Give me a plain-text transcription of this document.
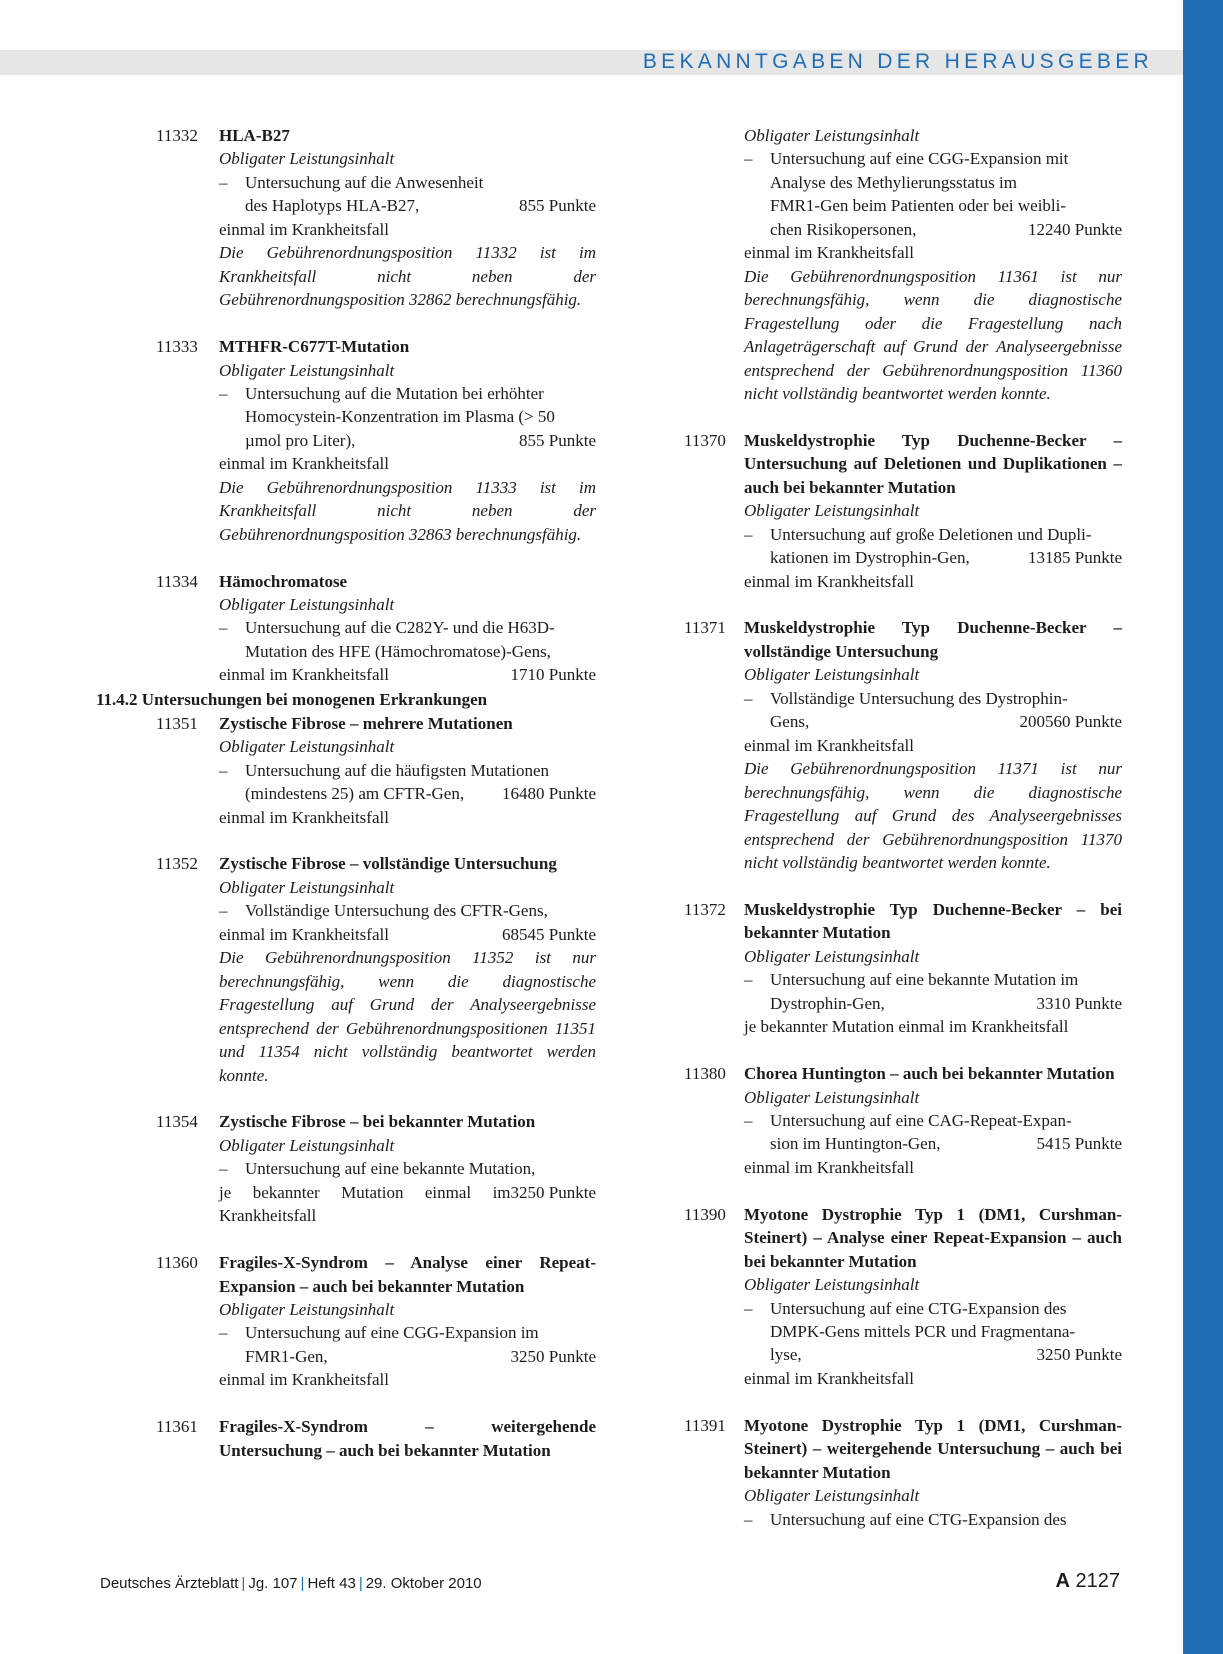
BEKANNTGABEN DER HERAUSGEBER
11332 HLA-B27
Obligater Leistungsinhalt
– Untersuchung auf die Anwesenheit
des Haplotyps HLA-B27,	855 Punkte
einmal im Krankheitsfall
Die Gebührenordnungsposition 11332 ist im Krankheitsfall nicht neben der Gebührenordnungsposition 32862 berechnungsfähig.
11333 MTHFR-C677T-Mutation
Obligater Leistungsinhalt
– Untersuchung auf die Mutation bei erhöhter
Homocystein-Konzentration im Plasma (> 50
µmol pro Liter),	855 Punkte
einmal im Krankheitsfall
Die Gebührenordnungsposition 11333 ist im Krankheitsfall nicht neben der Gebührenordnungsposition 32863 berechnungsfähig.
11334 Hämochromatose
Obligater Leistungsinhalt
– Untersuchung auf die C282Y- und die H63D-
Mutation des HFE (Hämochromatose)-Gens,
1710 Punkte
einmal im Krankheitsfall
11.4.2 Untersuchungen bei monogenen Erkrankungen
11351 Zystische Fibrose – mehrere Mutationen
Obligater Leistungsinhalt
– Untersuchung auf die häufigsten Mutationen
(mindestens 25) am CFTR-Gen, 16480 Punkte
einmal im Krankheitsfall
11352 Zystische Fibrose – vollständige Untersuchung
Obligater Leistungsinhalt
– Vollständige Untersuchung des CFTR-Gens,
68545 Punkte
einmal im Krankheitsfall
Die Gebührenordnungsposition 11352 ist nur berechnungsfähig, wenn die diagnostische Fragestellung auf Grund der Analyseergebnisse entsprechend der Gebührenordnungspositionen 11351 und 11354 nicht vollständig beantwortet werden konnte.
11354 Zystische Fibrose – bei bekannter Mutation
Obligater Leistungsinhalt
– Untersuchung auf eine bekannte Mutation,
3250 Punkte
je bekannter Mutation einmal im Krankheitsfall
11360 Fragiles-X-Syndrom – Analyse einer Repeat-Expansion – auch bei bekannter Mutation
Obligater Leistungsinhalt
– Untersuchung auf eine CGG-Expansion im
FMR1-Gen,	3250 Punkte
einmal im Krankheitsfall
11361 Fragiles-X-Syndrom – weitergehende Untersuchung – auch bei bekannter Mutation
Obligater Leistungsinhalt
– Untersuchung auf eine CGG-Expansion mit
Analyse des Methylierungsstatus im
FMR1-Gen beim Patienten oder bei weibli-
chen Risikopersonen,	12240 Punkte
einmal im Krankheitsfall
Die Gebührenordnungsposition 11361 ist nur berechnungsfähig, wenn die diagnostische Fragestellung oder die Fragestellung nach Anlageträgerschaft auf Grund der Analyseergebnisse entsprechend der Gebührenordnungsposition 11360 nicht vollständig beantwortet werden konnte.
11370 Muskeldystrophie Typ Duchenne-Becker – Untersuchung auf Deletionen und Duplikationen – auch bei bekannter Mutation
Obligater Leistungsinhalt
– Untersuchung auf große Deletionen und Dupli-
kationen im Dystrophin-Gen,	13185 Punkte
einmal im Krankheitsfall
11371 Muskeldystrophie Typ Duchenne-Becker – vollständige Untersuchung
Obligater Leistungsinhalt
– Vollständige Untersuchung des Dystrophin-
Gens,	200560 Punkte
einmal im Krankheitsfall
Die Gebührenordnungsposition 11371 ist nur berechnungsfähig, wenn die diagnostische Fragestellung auf Grund des Analyseergebnisses entsprechend der Gebührenordnungsposition 11370 nicht vollständig beantwortet werden konnte.
11372 Muskeldystrophie Typ Duchenne-Becker – bei bekannter Mutation
Obligater Leistungsinhalt
– Untersuchung auf eine bekannte Mutation im
Dystrophin-Gen,	3310 Punkte
je bekannter Mutation einmal im Krankheitsfall
11380 Chorea Huntington – auch bei bekannter Mutation
Obligater Leistungsinhalt
– Untersuchung auf eine CAG-Repeat-Expan-
sion im Huntington-Gen,	5415 Punkte
einmal im Krankheitsfall
11390 Myotone Dystrophie Typ 1 (DM1, Curshman-Steinert) – Analyse einer Repeat-Expansion – auch bei bekannter Mutation
Obligater Leistungsinhalt
– Untersuchung auf eine CTG-Expansion des
DMPK-Gens mittels PCR und Fragmentana-
lyse,	3250 Punkte
einmal im Krankheitsfall
11391 Myotone Dystrophie Typ 1 (DM1, Curshman-Steinert) – weitergehende Untersuchung – auch bei bekannter Mutation
Obligater Leistungsinhalt
– Untersuchung auf eine CTG-Expansion des
Deutsches Ärzteblatt | Jg. 107 | Heft 43 | 29. Oktober 2010	A 2127
